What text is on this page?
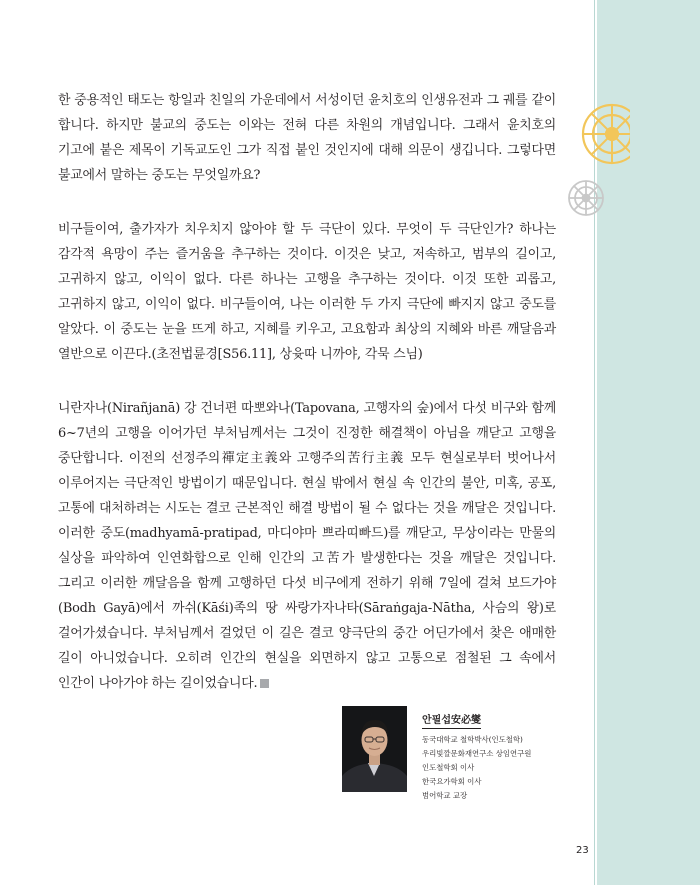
한 중용적인 태도는 항일과 친일의 가운데에서 서성이던 윤치호의 인생유전과 그 궤를 같이 합니다. 하지만 불교의 중도는 이와는 전혀 다른 차원의 개념입니다. 그래서 윤치호의 기고에 붙은 제목이 기독교도인 그가 직접 붙인 것인지에 대해 의문이 생깁니다. 그렇다면 불교에서 말하는 중도는 무엇일까요?

비구들이여, 출가자가 치우치지 않아야 할 두 극단이 있다. 무엇이 두 극단인가? 하나는 감각적 욕망이 주는 즐거움을 추구하는 것이다. 이것은 낮고, 저속하고, 범부의 길이고, 고귀하지 않고, 이익이 없다. 다른 하나는 고행을 추구하는 것이다. 이것 또한 괴롭고, 고귀하지 않고, 이익이 없다. 비구들이여, 나는 이러한 두 가지 극단에 빠지지 않고 중도를 알았다. 이 중도는 눈을 뜨게 하고, 지혜를 키우고, 고요함과 최상의 지혜와 바른 깨달음과 열반으로 이끈다.(초전법륜경[S56.11], 상윳따 니까야, 각묵 스님)

니란자나(Nirañjanā) 강 건너편 따뽀와나(Tapovana, 고행자의 숲)에서 다섯 비구와 함께 6~7년의 고행을 이어가던 부처님께서는 그것이 진정한 해결책이 아님을 깨닫고 고행을 중단합니다. 이전의 선정주의禪定主義와 고행주의苦行主義 모두 현실로부터 벗어나서 이루어지는 극단적인 방법이기 때문입니다. 현실 밖에서 현실 속 인간의 불안, 미혹, 공포, 고통에 대처하려는 시도는 결코 근본적인 해결 방법이 될 수 없다는 것을 깨달은 것입니다. 이러한 중도(madhyamā-pratipad, 마디야마 쁘라띠빠드)를 깨닫고, 무상이라는 만물의 실상을 파악하여 인연화합으로 인해 인간의 고苦가 발생한다는 것을 깨달은 것입니다. 그리고 이러한 깨달음을 함께 고행하던 다섯 비구에게 전하기 위해 7일에 걸쳐 보드가야(Bodh Gayā)에서 까쉬(Kāśi)족의 땅 싸랑가자나타(Sāraṅgaja-Nātha, 사슴의 왕)로 걸어가셨습니다. 부처님께서 걸었던 이 길은 결코 양극단의 중간 어딘가에서 찾은 애매한 길이 아니었습니다. 오히려 인간의 현실을 외면하지 않고 고통으로 점철된 그 속에서 인간이 나아가야 하는 길이었습니다.

안필섭安必燮
동국대학교 철학박사(인도철학)
우리빛깔문화재연구소 상임연구원
인도철학회 이사
한국요가학회 이사
범어학교 교장
23
